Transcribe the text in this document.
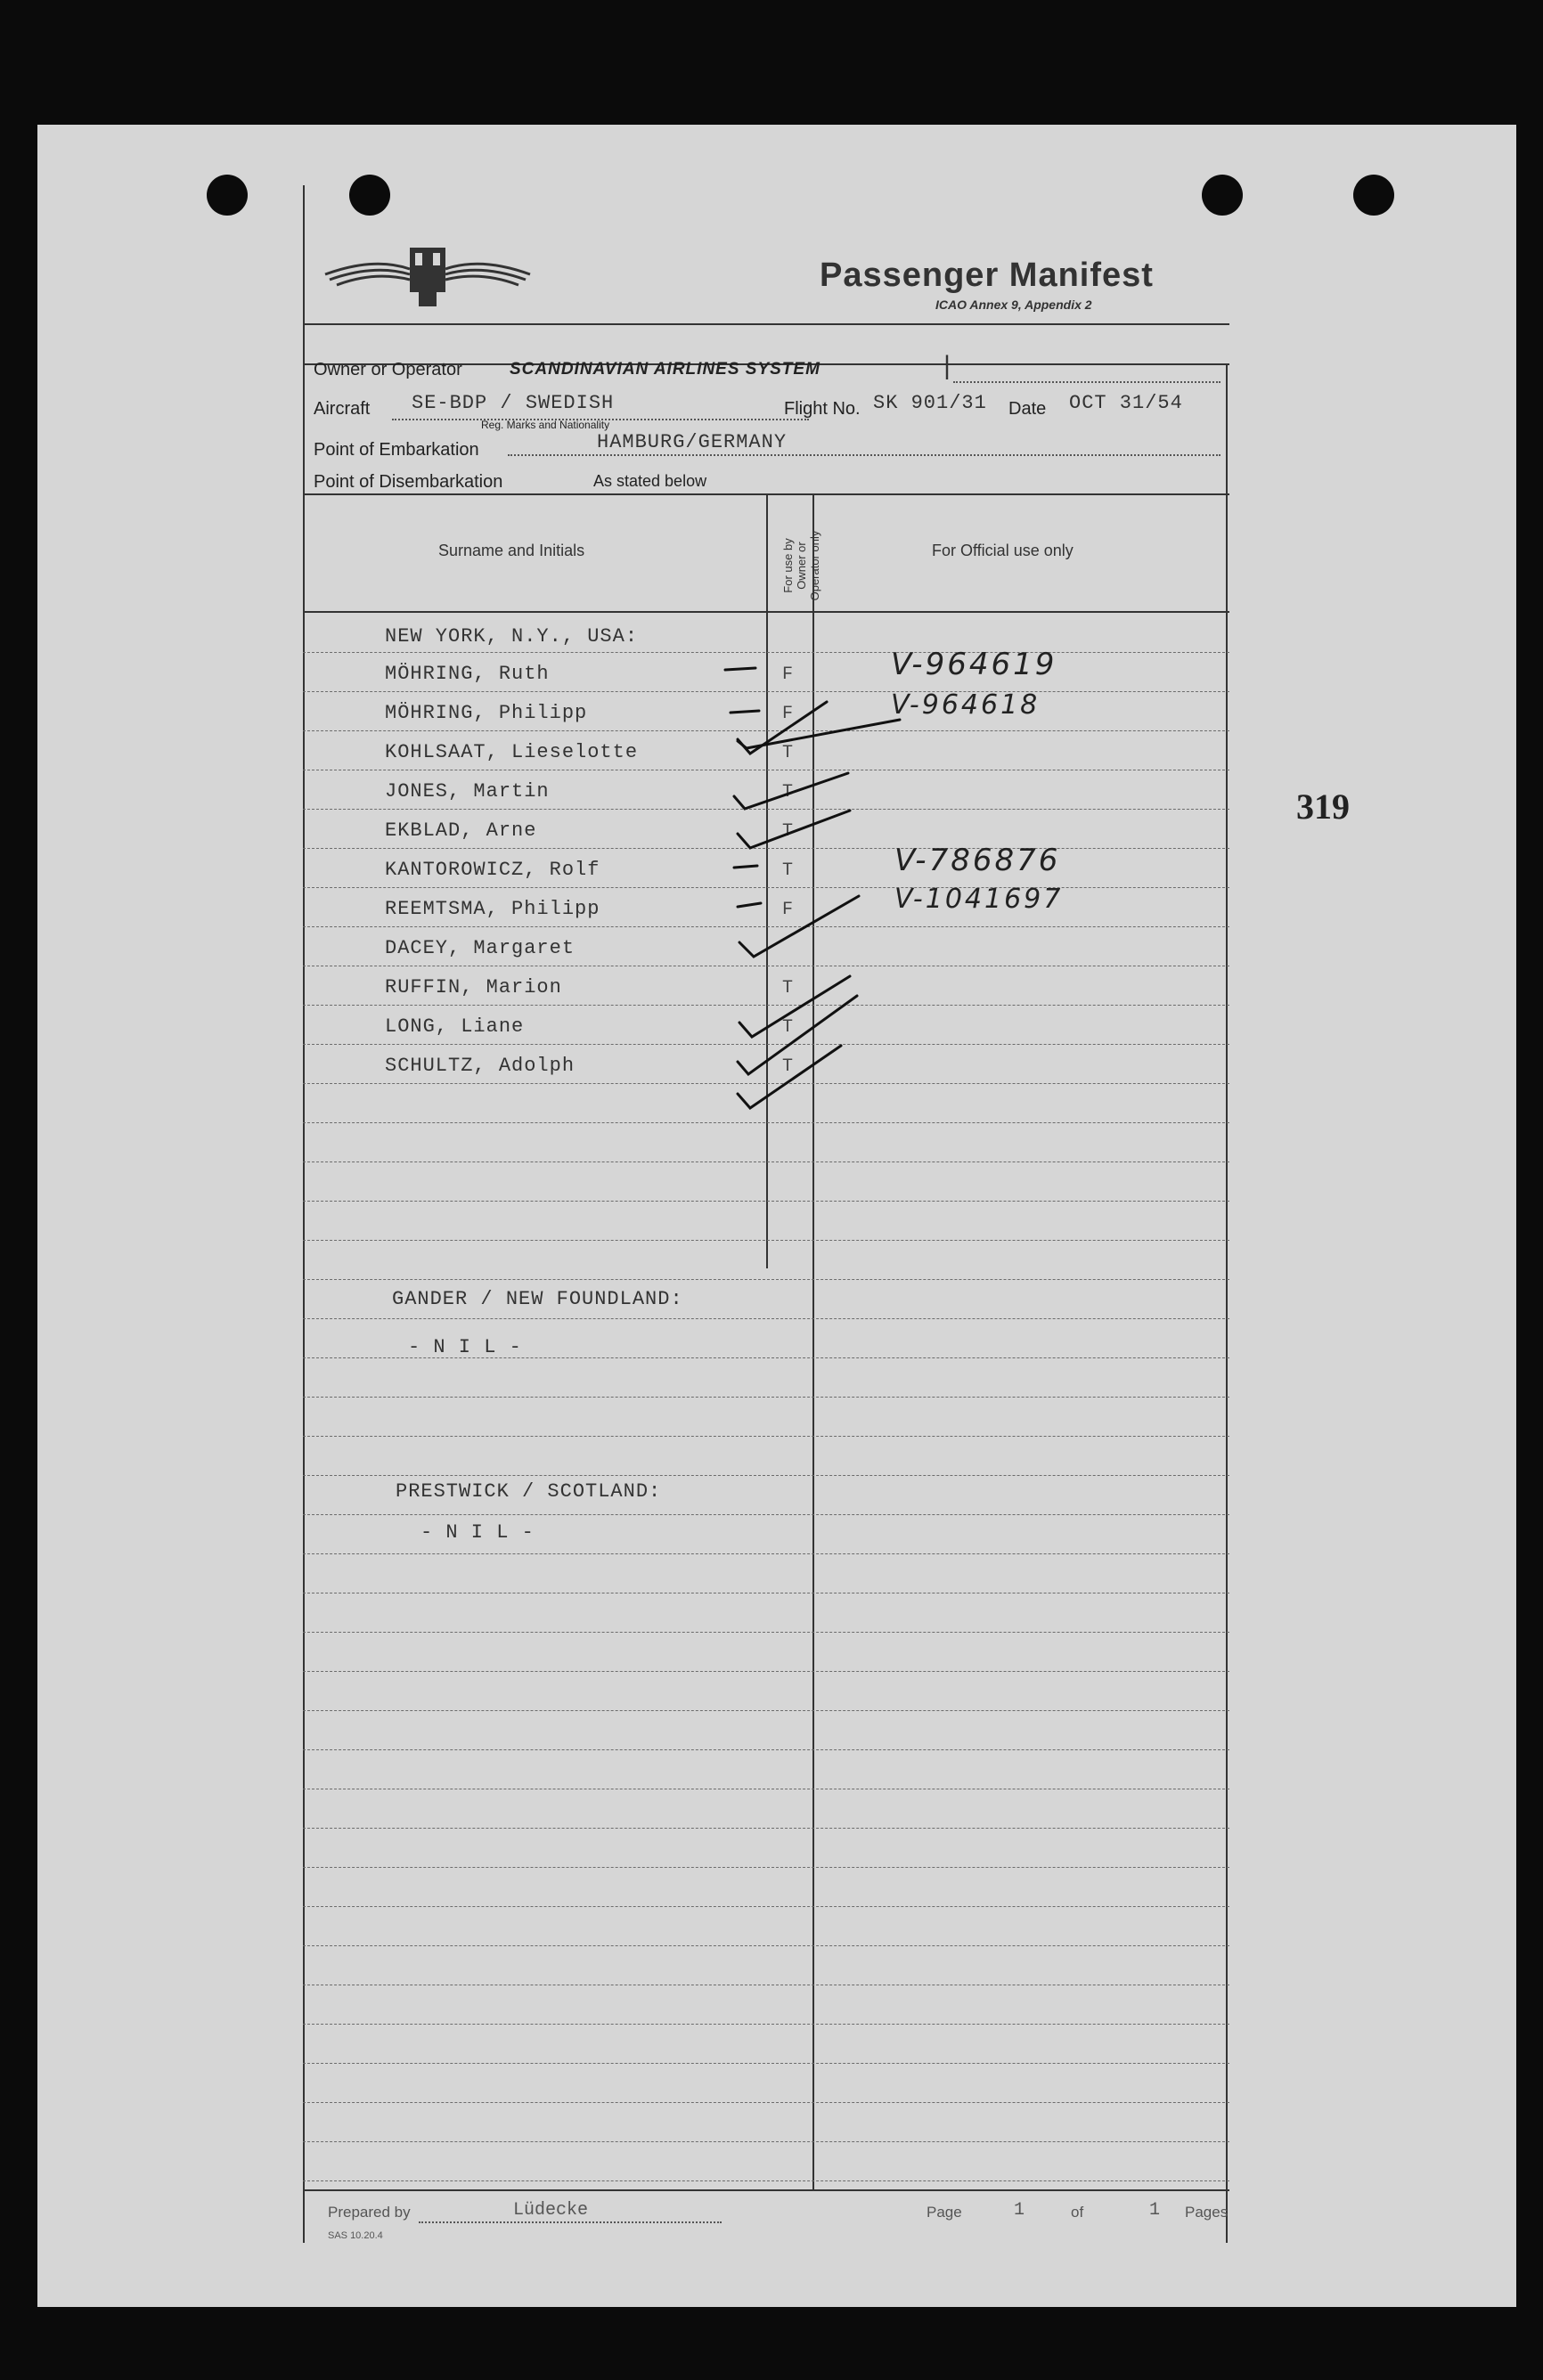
319
Passenger Manifest
ICAO Annex 9, Appendix 2
Owner or Operator	SCANDINAVIAN AIRLINES SYSTEM	|
Aircraft SE-BDP / SWEDISH
Reg. Marks and Nationality
Flight No. SK 901/31 Date OCT 31/54
Point of Embarkation	HAMBURG/GERMANY
Point of Disembarkation	As stated below
Surname and Initials	For use by Owner or Operator only	For Official use only
NEW YORK, N.Y., USA:
MÖHRING, Ruth	F	V-964619
MÖHRING, Philipp	F	V-964618
KOHLSAAT, Lieselotte	T
JONES, Martin	T
EKBLAD, Arne	T
KANTOROWICZ, Rolf	T	V-786876
REEMTSMA, Philipp	F	V-1041697
DACEY, Margaret
RUFFIN, Marion	T
LONG, Liane	T
SCHULTZ, Adolph	T
GANDER / NEW FOUNDLAND:
- N I L -
PRESTWICK / SCOTLAND:
- N I L -
Prepared by	Lüdecke	Page	1	of	1 Pages
SAS 10.20.4
